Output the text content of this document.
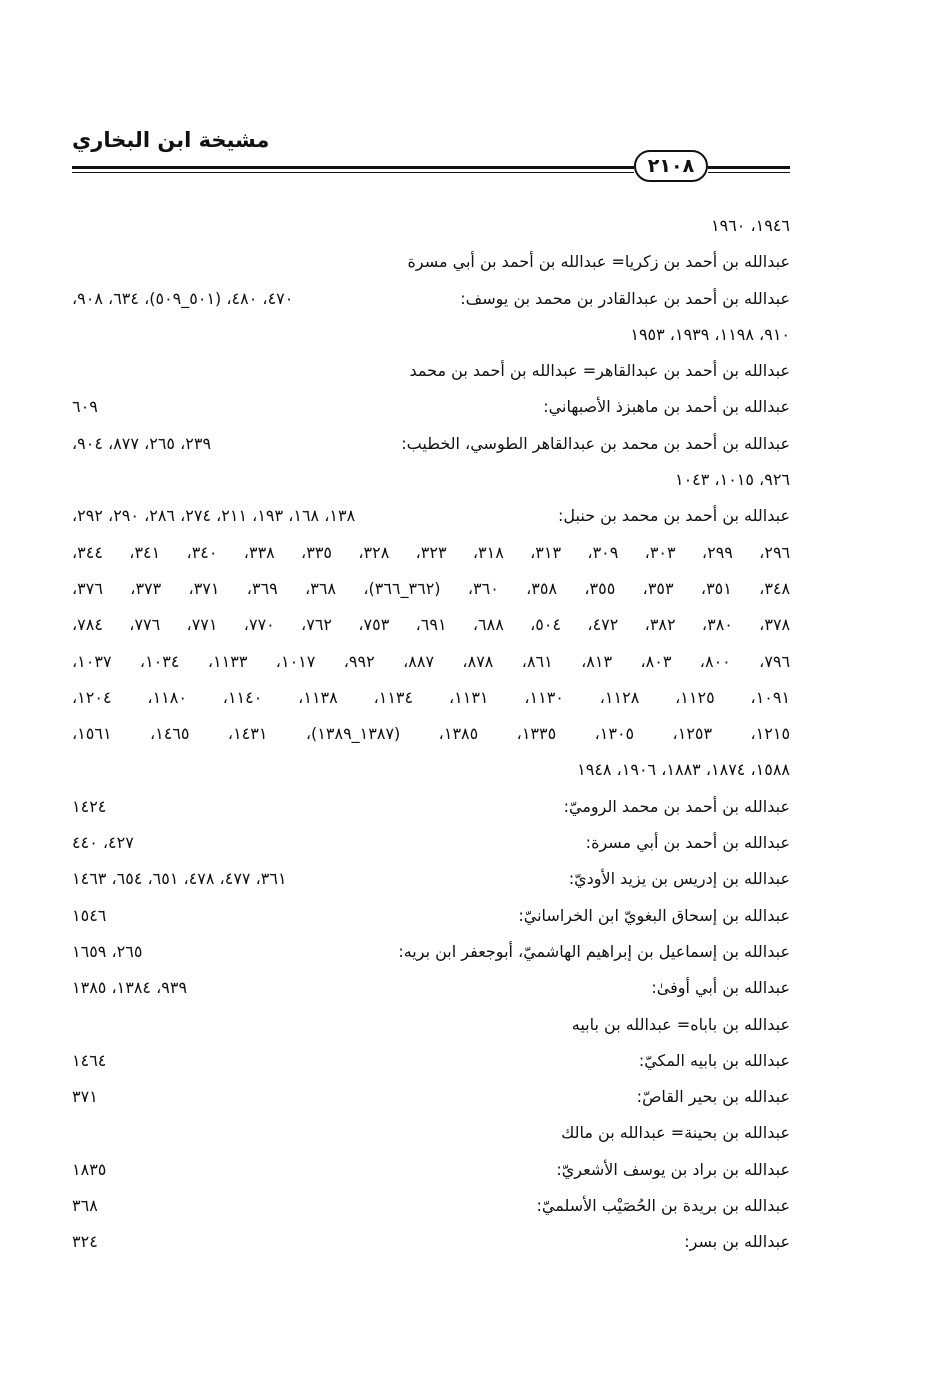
مشيخة ابن البخاري
٢١٠٨
١٩٤٦، ١٩٦٠
عبدالله بن أحمد بن زكريا= عبدالله بن أحمد بن أبي مسرة
عبدالله بن أحمد بن عبدالقادر بن محمد بن يوسف:
٤٧٠، ٤٨٠، (٥٠١_٥٠٩)، ٦٣٤، ٩٠٨،
٩١٠، ١١٩٨، ١٩٣٩، ١٩٥٣
عبدالله بن أحمد بن عبدالقاهر= عبدالله بن أحمد بن محمد
عبدالله بن أحمد بن ماهبزذ الأصبهاني:
٦٠٩
عبدالله بن أحمد بن محمد بن عبدالقاهر الطوسي، الخطيب:
٢٣٩، ٢٦٥، ٨٧٧، ٩٠٤،
٩٢٦، ١٠١٥، ١٠٤٣
عبدالله بن أحمد بن محمد بن حنبل:
١٣٨، ١٦٨، ١٩٣، ٢١١، ٢٧٤، ٢٨٦، ٢٩٠، ٢٩٢،
٢٩٦، ٢٩٩، ٣٠٣، ٣٠٩، ٣١٣، ٣١٨، ٣٢٣، ٣٢٨، ٣٣٥، ٣٣٨، ٣٤٠، ٣٤١، ٣٤٤،
٣٤٨، ٣٥١، ٣٥٣، ٣٥٥، ٣٥٨، ٣٦٠، (٣٦٢_٣٦٦)، ٣٦٨، ٣٦٩، ٣٧١، ٣٧٣، ٣٧٦،
٣٧٨، ٣٨٠، ٣٨٢، ٤٧٢، ٥٠٤، ٦٨٨، ٦٩١، ٧٥٣، ٧٦٢، ٧٧٠، ٧٧١، ٧٧٦، ٧٨٤،
٧٩٦، ٨٠٠، ٨٠٣، ٨١٣، ٨٦١، ٨٧٨، ٨٨٧، ٩٩٢، ١٠١٧، ١١٣٣، ١٠٣٤، ١٠٣٧،
١٠٩١، ١١٢٥، ١١٢٨، ١١٣٠، ١١٣١، ١١٣٤، ١١٣٨، ١١٤٠، ١١٨٠، ١٢٠٤،
١٢١٥، ١٢٥٣، ١٣٠٥، ١٣٣٥، ١٣٨٥، (١٣٨٧_١٣٨٩)، ١٤٣١، ١٤٦٥، ١٥٦١،
١٥٨٨، ١٨٧٤، ١٨٨٣، ١٩٠٦، ١٩٤٨
عبدالله بن أحمد بن محمد الروميّ:
١٤٢٤
عبدالله بن أحمد بن أبي مسرة:
٤٢٧، ٤٤٠
عبدالله بن إدريس بن يزيد الأوديّ:
٣٦١، ٤٧٧، ٤٧٨، ٦٥١، ٦٥٤، ١٤٦٣
عبدالله بن إسحاق البغويّ ابن الخراسانيّ:
١٥٤٦
عبدالله بن إسماعيل بن إبراهيم الهاشميّ، أبوجعفر ابن بريه:
٢٦٥، ١٦٥٩
عبدالله بن أبي أوفىٰ:
٩٣٩، ١٣٨٤، ١٣٨٥
عبدالله بن باباه= عبدالله بن بابيه
عبدالله بن بابيه المكيّ:
١٤٦٤
عبدالله بن بحير القاصّ:
٣٧١
عبدالله بن بحينة= عبدالله بن مالك
عبدالله بن براد بن يوسف الأشعريّ:
١٨٣٥
عبدالله بن بريدة بن الحُصَيْب الأسلميّ:
٣٦٨
عبدالله بن بسر:
٣٢٤
